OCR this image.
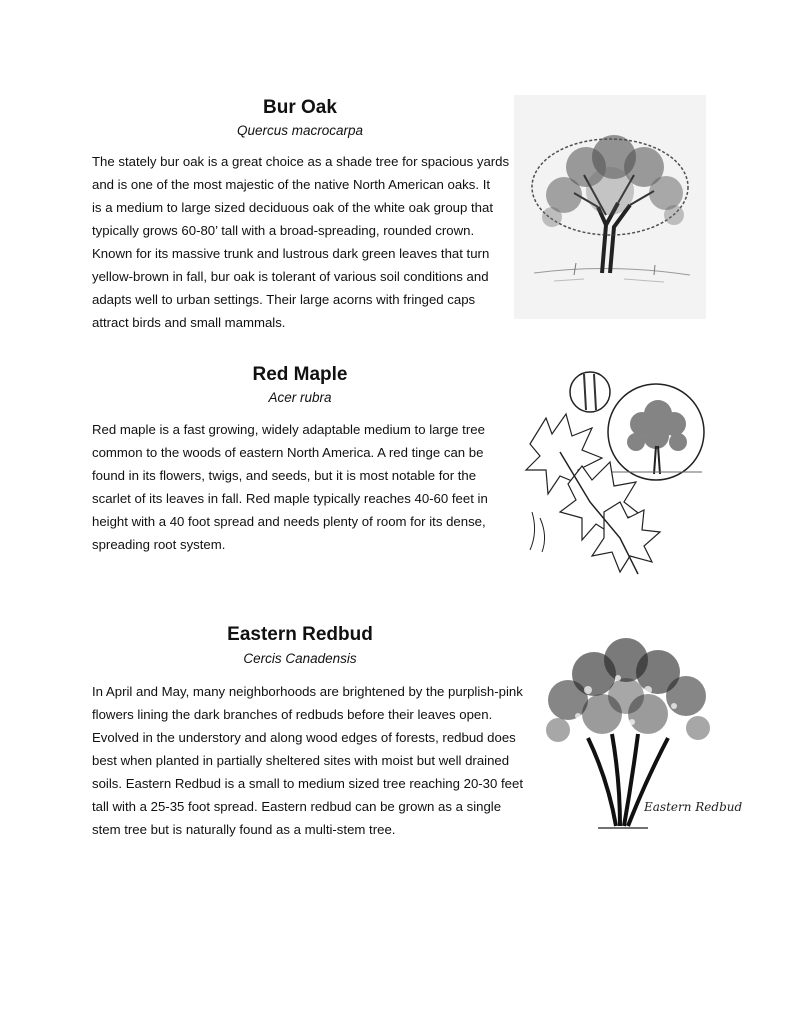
Bur Oak

Quercus macrocarpa

The stately bur oak is a great choice as a shade tree for spacious yards
and is one of the most majestic of the native North American oaks. It
is a medium to large sized deciduous oak of the white oak group that
typically grows 60-80’ tall with a broad-spreading, rounded crown.
Known for its massive trunk and lustrous dark green leaves that turn
yellow-brown in fall, bur oak is tolerant of various soil conditions and
adapts well to urban settings. Their large acorns with fringed caps
attract birds and small mammals.

Red Maple

Acer rubra

Red maple is a fast growing, widely adaptable medium to large tree
common to the woods of eastern North America. A red tinge can be
found in its flowers, twigs, and seeds, but it is most notable for the
scarlet of its leaves in fall. Red maple typically reaches 40-60 feet in
height with a 40 foot spread and needs plenty of room for its dense,
spreading root system.

Eastern Redbud

Cercis Canadensis

In April and May, many neighborhoods are brightened by the purplish-pink
flowers lining the dark branches of redbuds before their leaves open.
Evolved in the understory and along wood edges of forests, redbud does
best when planted in partially sheltered sites with moist but well drained
soils. Eastern Redbud is a small to medium sized tree reaching 20-30 feet
tall with a 25-35 foot spread. Eastern redbud can be grown as a single
stem tree but is naturally found as a multi-stem tree.

Eastern Redbud
